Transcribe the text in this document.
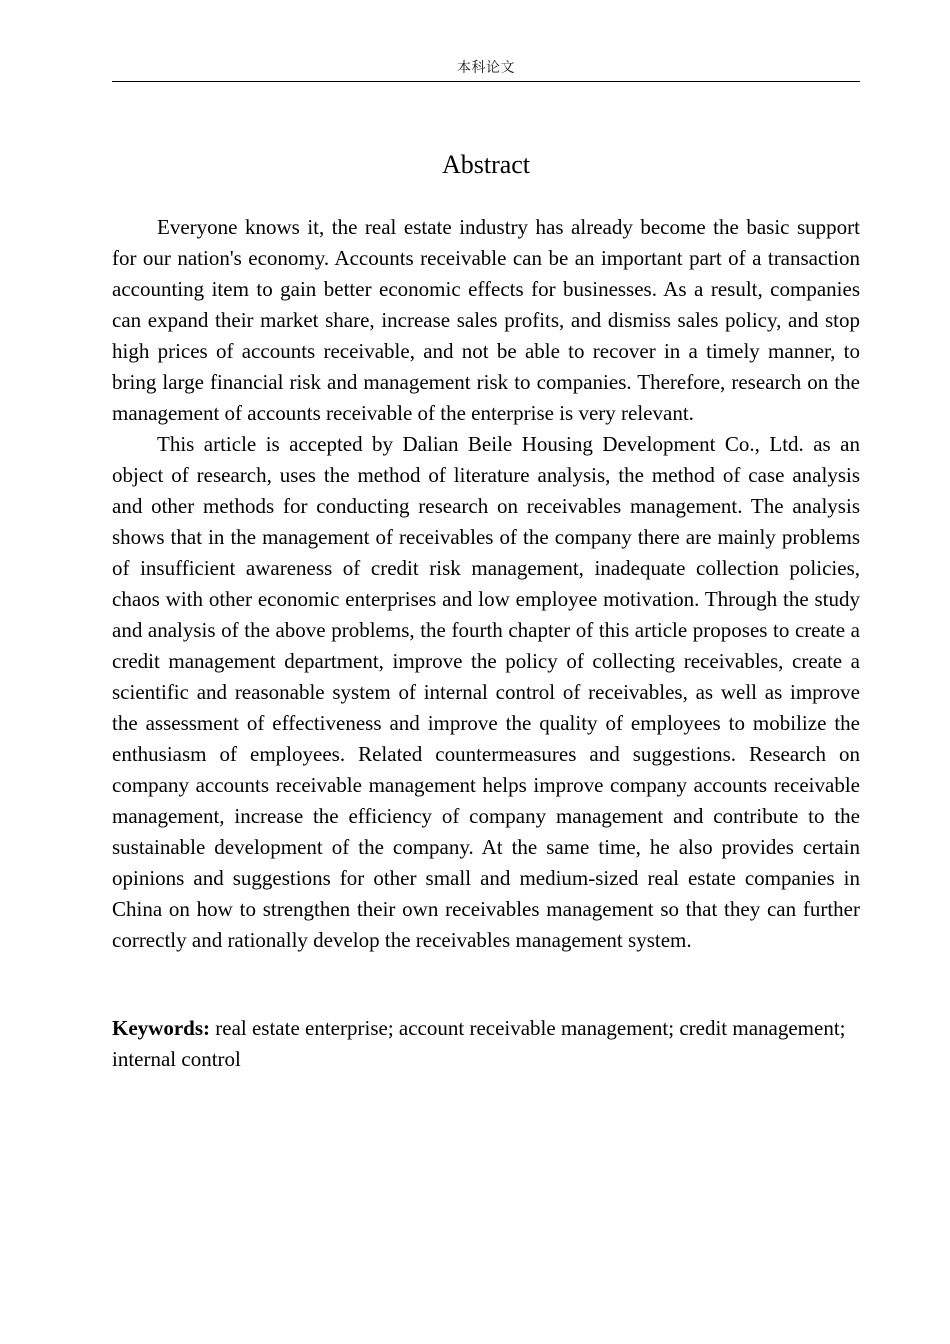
本科论文
Abstract

Everyone knows it, the real estate industry has already become the basic support for our nation's economy. Accounts receivable can be an important part of a transaction accounting item to gain better economic effects for businesses. As a result, companies can expand their market share, increase sales profits, and dismiss sales policy, and stop high prices of accounts receivable, and not be able to recover in a timely manner, to bring large financial risk and management risk to companies. Therefore, research on the management of accounts receivable of the enterprise is very relevant.

This article is accepted by Dalian Beile Housing Development Co., Ltd. as an object of research, uses the method of literature analysis, the method of case analysis and other methods for conducting research on receivables management. The analysis shows that in the management of receivables of the company there are mainly problems of insufficient awareness of credit risk management, inadequate collection policies, chaos with other economic enterprises and low employee motivation. Through the study and analysis of the above problems, the fourth chapter of this article proposes to create a credit management department, improve the policy of collecting receivables, create a scientific and reasonable system of internal control of receivables, as well as improve the assessment of effectiveness and improve the quality of employees to mobilize the enthusiasm of employees. Related countermeasures and suggestions. Research on company accounts receivable management helps improve company accounts receivable management, increase the efficiency of company management and contribute to the sustainable development of the company. At the same time, he also provides certain opinions and suggestions for other small and medium-sized real estate companies in China on how to strengthen their own receivables management so that they can further correctly and rationally develop the receivables management system.

Keywords: real estate enterprise; account receivable management; credit management; internal control
